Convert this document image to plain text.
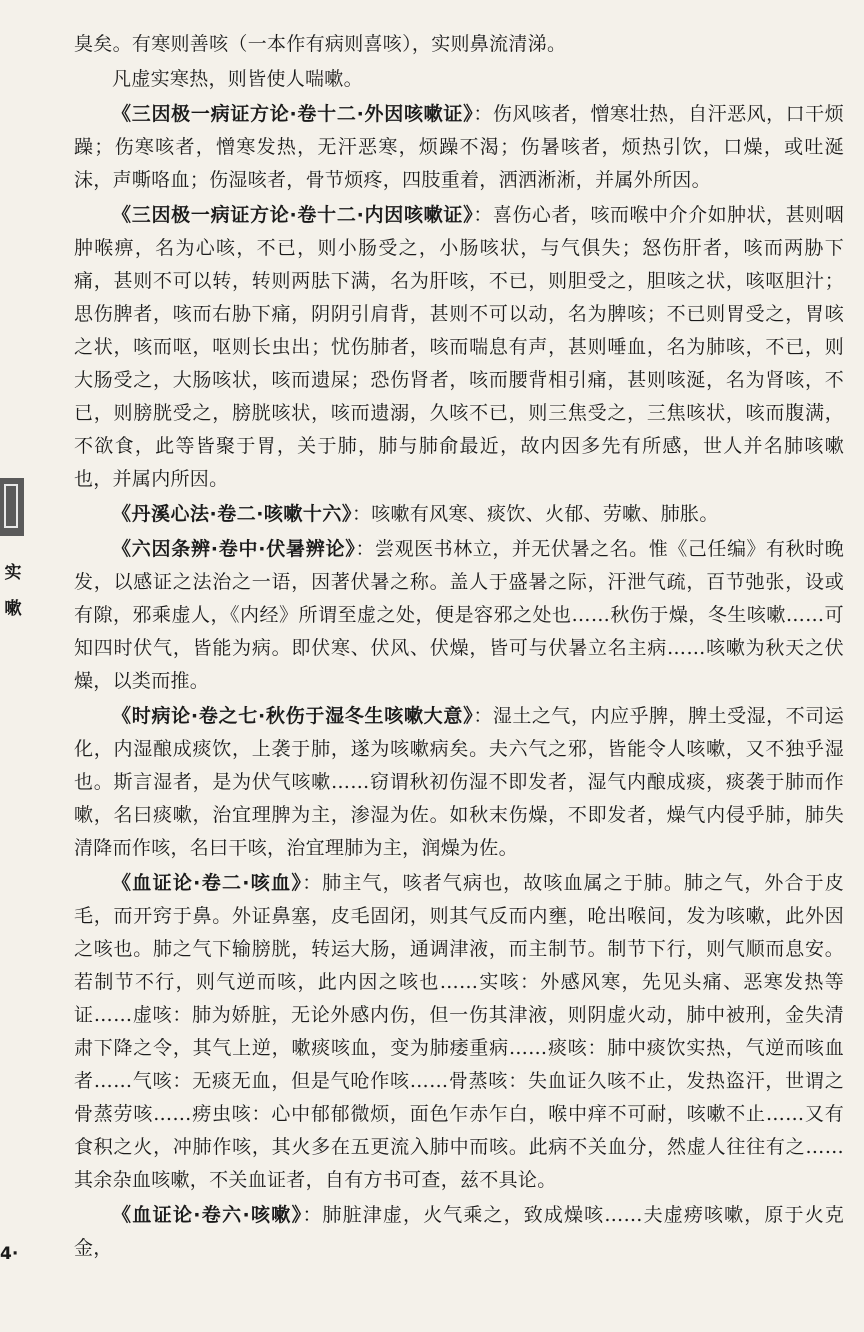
实
嗽
4·

臭矣。有寒则善咳（一本作有病则喜咳），实则鼻流清涕。

凡虚实寒热，则皆使人喘嗽。

《三因极一病证方论·卷十二·外因咳嗽证》：伤风咳者，憎寒壮热，自汗恶风，口干烦躁；伤寒咳者，憎寒发热，无汗恶寒，烦躁不渴；伤暑咳者，烦热引饮，口燥，或吐涎沫，声嘶咯血；伤湿咳者，骨节烦疼，四肢重着，洒洒淅淅，并属外所因。

《三因极一病证方论·卷十二·内因咳嗽证》：喜伤心者，咳而喉中介介如肿状，甚则咽肿喉痹，名为心咳，不已，则小肠受之，小肠咳状，与气俱失；怒伤肝者，咳而两胁下痛，甚则不可以转，转则两胠下满，名为肝咳，不已，则胆受之，胆咳之状，咳呕胆汁；思伤脾者，咳而右胁下痛，阴阴引肩背，甚则不可以动，名为脾咳；不已则胃受之，胃咳之状，咳而呕，呕则长虫出；忧伤肺者，咳而喘息有声，甚则唾血，名为肺咳，不已，则大肠受之，大肠咳状，咳而遗屎；恐伤肾者，咳而腰背相引痛，甚则咳涎，名为肾咳，不已，则膀胱受之，膀胱咳状，咳而遗溺，久咳不已，则三焦受之，三焦咳状，咳而腹满，不欲食，此等皆聚于胃，关于肺，肺与肺俞最近，故内因多先有所感，世人并名肺咳嗽也，并属内所因。

《丹溪心法·卷二·咳嗽十六》：咳嗽有风寒、痰饮、火郁、劳嗽、肺胀。

《六因条辨·卷中·伏暑辨论》：尝观医书林立，并无伏暑之名。惟《己任编》有秋时晚发，以感证之法治之一语，因著伏暑之称。盖人于盛暑之际，汗泄气疏，百节弛张，设或有隙，邪乘虚人，《内经》所谓至虚之处，便是容邪之处也……秋伤于燥，冬生咳嗽……可知四时伏气，皆能为病。即伏寒、伏风、伏燥，皆可与伏暑立名主病……咳嗽为秋天之伏燥，以类而推。

《时病论·卷之七·秋伤于湿冬生咳嗽大意》：湿土之气，内应乎脾，脾土受湿，不司运化，内湿酿成痰饮，上袭于肺，遂为咳嗽病矣。夫六气之邪，皆能令人咳嗽，又不独乎湿也。斯言湿者，是为伏气咳嗽……窃谓秋初伤湿不即发者，湿气内酿成痰，痰袭于肺而作嗽，名曰痰嗽，治宜理脾为主，渗湿为佐。如秋末伤燥，不即发者，燥气内侵乎肺，肺失清降而作咳，名曰干咳，治宜理肺为主，润燥为佐。

《血证论·卷二·咳血》：肺主气，咳者气病也，故咳血属之于肺。肺之气，外合于皮毛，而开窍于鼻。外证鼻塞，皮毛固闭，则其气反而内壅，呛出喉间，发为咳嗽，此外因之咳也。肺之气下输膀胱，转运大肠，通调津液，而主制节。制节下行，则气顺而息安。若制节不行，则气逆而咳，此内因之咳也……实咳：外感风寒，先见头痛、恶寒发热等证……虚咳：肺为娇脏，无论外感内伤，但一伤其津液，则阴虚火动，肺中被刑，金失清肃下降之令，其气上逆，嗽痰咳血，变为肺痿重病……痰咳：肺中痰饮实热，气逆而咳血者……气咳：无痰无血，但是气呛作咳……骨蒸咳：失血证久咳不止，发热盗汗，世谓之骨蒸劳咳……痨虫咳：心中郁郁微烦，面色乍赤乍白，喉中痒不可耐，咳嗽不止……又有食积之火，冲肺作咳，其火多在五更流入肺中而咳。此病不关血分，然虚人往往有之……其余杂血咳嗽，不关血证者，自有方书可查，兹不具论。

《血证论·卷六·咳嗽》：肺脏津虚，火气乘之，致成燥咳……夫虚痨咳嗽，原于火克金，
